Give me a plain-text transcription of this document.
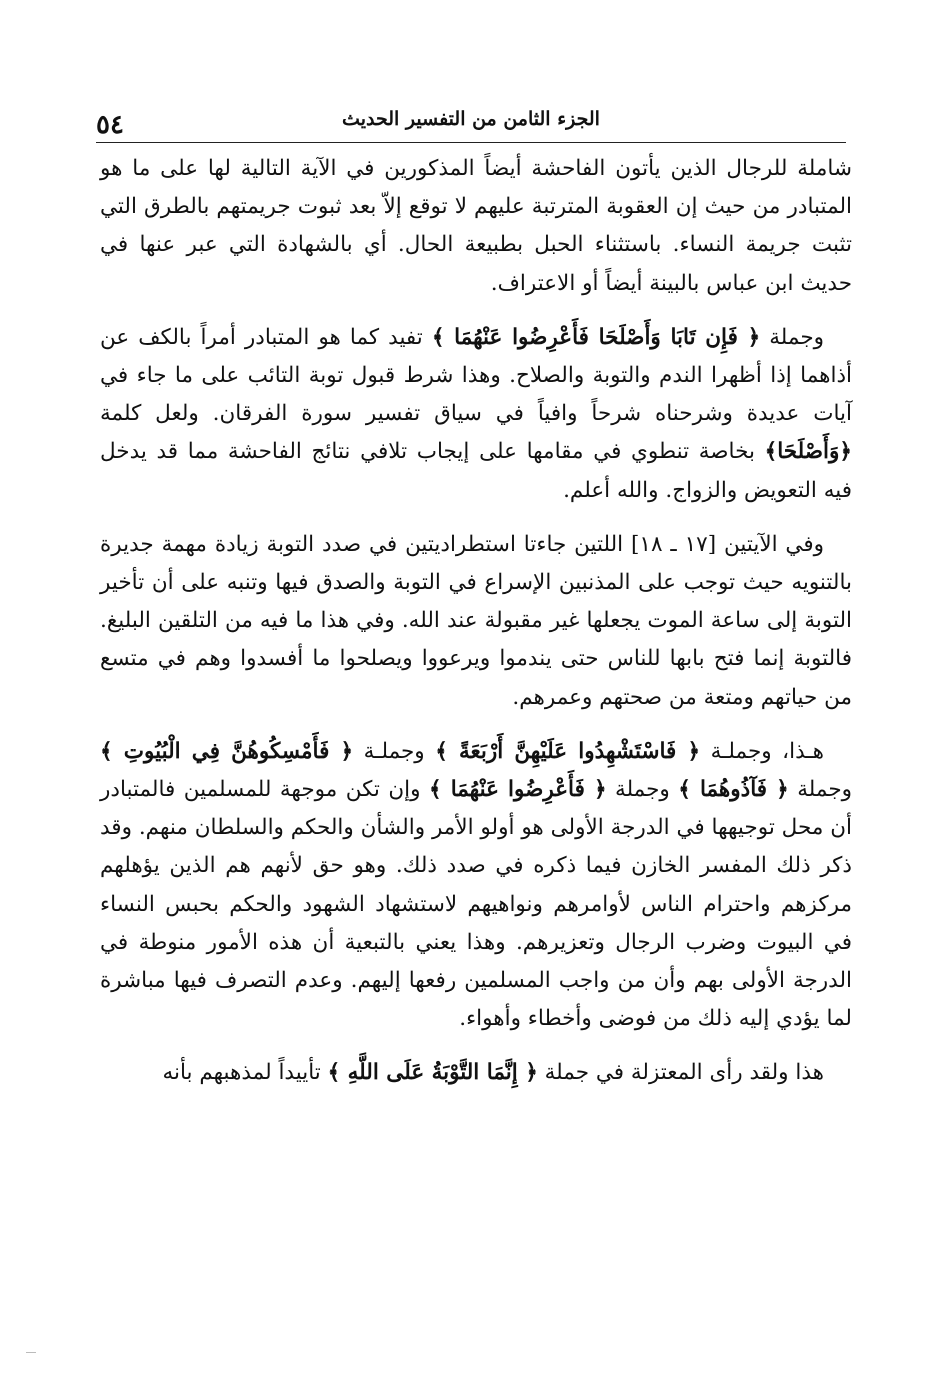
الجزء الثامن من التفسير الحديث
٥٤

شاملة للرجال الذين يأتون الفاحشة أيضاً المذكورين في الآية التالية لها على ما هو المتبادر من حيث إن العقوبة المترتبة عليهم لا توقع إلاّ بعد ثبوت جريمتهم بالطرق التي تثبت جريمة النساء. باستثناء الحبل بطبيعة الحال. أي بالشهادة التي عبر عنها في حديث ابن عباس بالبينة أيضاً أو الاعتراف.

وجملة ﴿ فَإِن تَابَا وَأَصْلَحَا فَأَعْرِضُوا عَنْهُمَا ﴾ تفيد كما هو المتبادر أمراً بالكف عن أذاهما إذا أظهرا الندم والتوبة والصلاح. وهذا شرط قبول توبة التائب على ما جاء في آيات عديدة وشرحناه شرحاً وافياً في سياق تفسير سورة الفرقان. ولعل كلمة ﴿وَأَصْلَحَا﴾ بخاصة تنطوي في مقامها على إيجاب تلافي نتائج الفاحشة مما قد يدخل فيه التعويض والزواج. والله أعلم.

وفي الآيتين [١٧ ـ ١٨] اللتين جاءتا استطراديتين في صدد التوبة زيادة مهمة جديرة بالتنويه حيث توجب على المذنبين الإسراع في التوبة والصدق فيها وتنبه على أن تأخير التوبة إلى ساعة الموت يجعلها غير مقبولة عند الله. وفي هذا ما فيه من التلقين البليغ. فالتوبة إنما فتح بابها للناس حتى يندموا ويرعووا ويصلحوا ما أفسدوا وهم في متسع من حياتهم ومتعة من صحتهم وعمرهم.

هـذا، وجملـة ﴿ فَاسْتَشْهِدُوا عَلَيْهِنَّ أَرْبَعَةً ﴾ وجملـة ﴿ فَأَمْسِكُوهُنَّ فِي الْبُيُوتِ ﴾ وجملة ﴿ فَآذُوهُمَا ﴾ وجملة ﴿ فَأَعْرِضُوا عَنْهُمَا ﴾ وإن تكن موجهة للمسلمين فالمتبادر أن محل توجيهها في الدرجة الأولى هو أولو الأمر والشأن والحكم والسلطان منهم. وقد ذكر ذلك المفسر الخازن فيما ذكره في صدد ذلك. وهو حق لأنهم هم الذين يؤهلهم مركزهم واحترام الناس لأوامرهم ونواهيهم لاستشهاد الشهود والحكم بحبس النساء في البيوت وضرب الرجال وتعزيرهم. وهذا يعني بالتبعية أن هذه الأمور منوطة في الدرجة الأولى بهم وأن من واجب المسلمين رفعها إليهم. وعدم التصرف فيها مباشرة لما يؤدي إليه ذلك من فوضى وأخطاء وأهواء.

هذا ولقد رأى المعتزلة في جملة ﴿ إِنَّمَا التَّوْبَةُ عَلَى اللَّهِ ﴾ تأييداً لمذهبهم بأنه
